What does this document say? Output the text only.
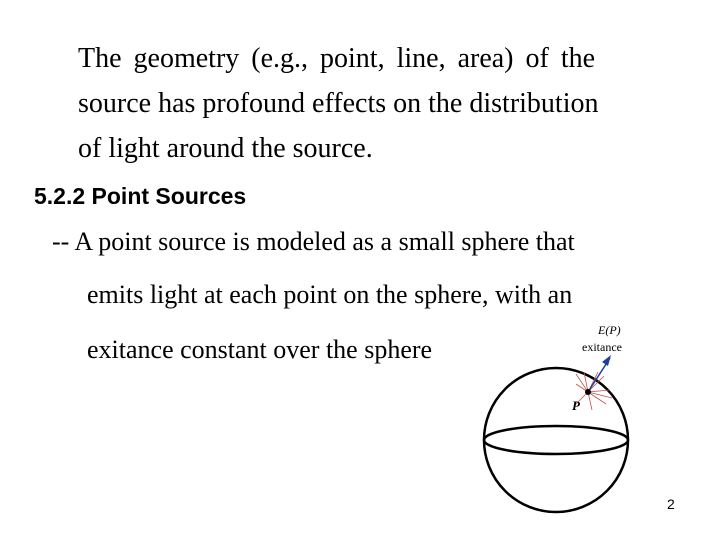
The geometry (e.g., point, line, area) of the
source has profound effects on the distribution
of light around the source.
5.2.2 Point Sources
-- A point source is modeled as a small sphere that
emits light at each point on the sphere, with an
exitance constant over the sphere
E(P)
exitance
P
2
